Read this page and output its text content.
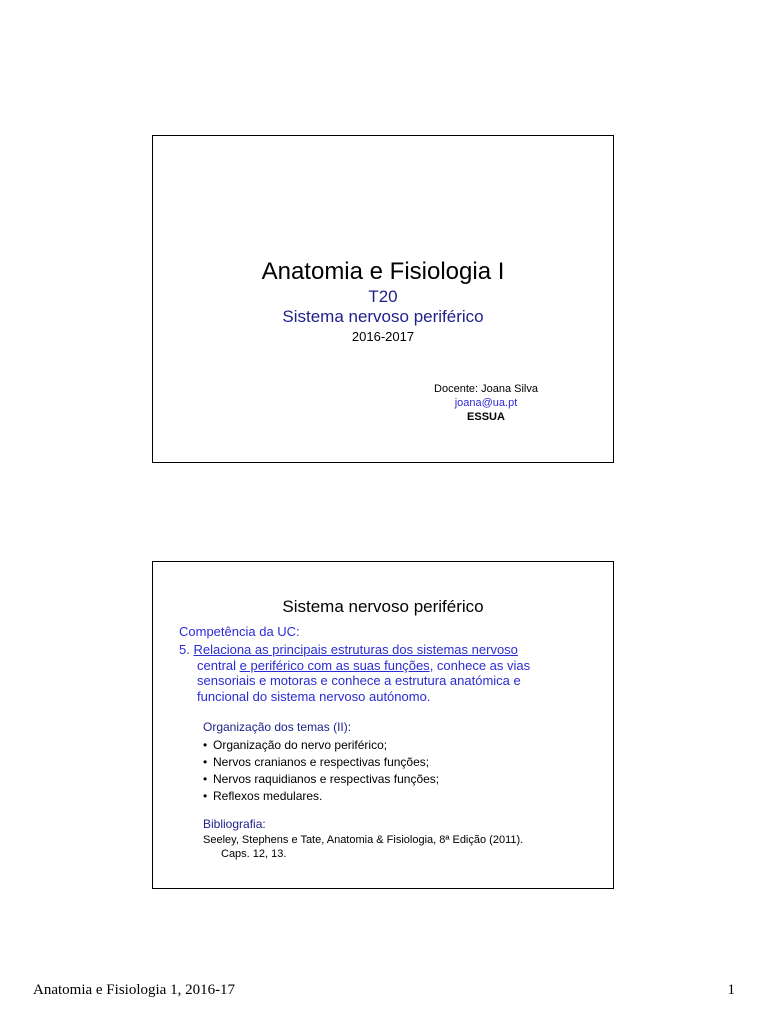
Anatomia e Fisiologia I
T20
Sistema nervoso periférico
2016-2017
Docente: Joana Silva
joana@ua.pt
ESSUA
Sistema nervoso periférico
Competência da UC:
5. Relaciona as principais estruturas dos sistemas nervoso
central e periférico com as suas funções, conhece as vias
sensoriais e motoras e conhece a estrutura anatómica e
funcional do sistema nervoso autónomo.
Organização dos temas (II):
• Organização do nervo periférico;
• Nervos cranianos e respectivas funções;
• Nervos raquidianos e respectivas funções;
• Reflexos medulares.
Bibliografia:
Seeley, Stephens e Tate, Anatomia & Fisiologia, 8ª Edição (2011).
Caps. 12, 13.
Anatomia e Fisiologia 1, 2016-17	1
